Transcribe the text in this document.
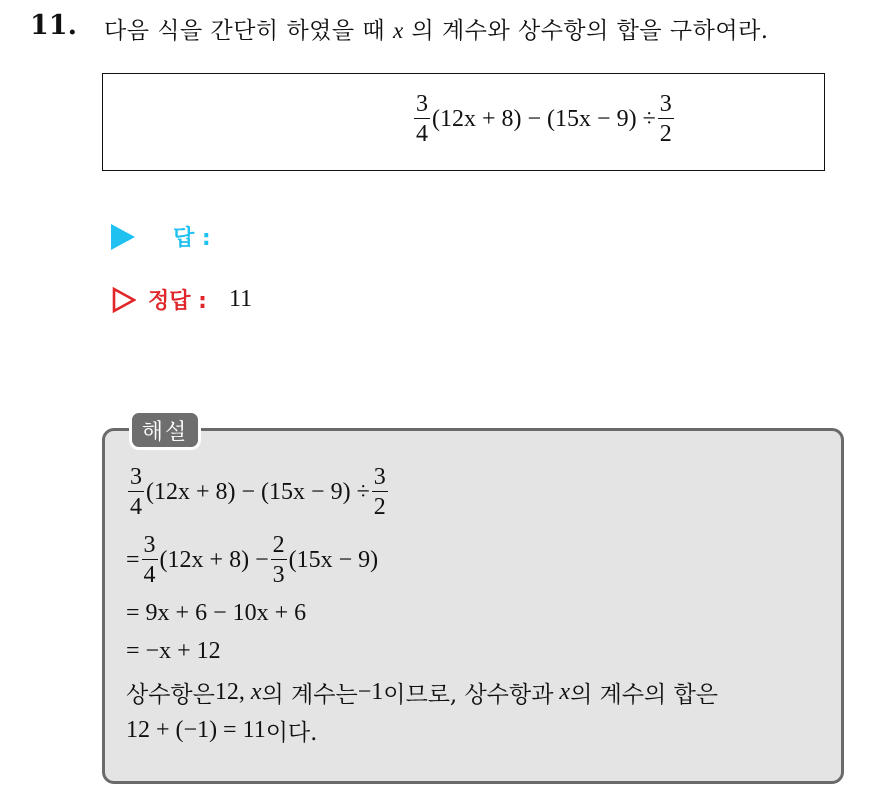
11. 다음 식을 간단히 하였을 때 x 의 계수와 상수항의 합을 구하여라.
$\frac{3}{4} (12x + 8) - (15x - 9) \div \frac{3}{2}$
답 :
정답 : 11
해설
$\frac{3}{4} (12x + 8) - (15x - 9) \div \frac{3}{2}$
= $\frac{3}{4} (12x + 8) - \frac{2}{3} (15x - 9)$
= 9x + 6 − 10x + 6
= −x + 12
상수항은 12, x 의 계수는 −1 이므로, 상수항과 x 의 계수의 합은
12 + (−1) = 11 이다.
